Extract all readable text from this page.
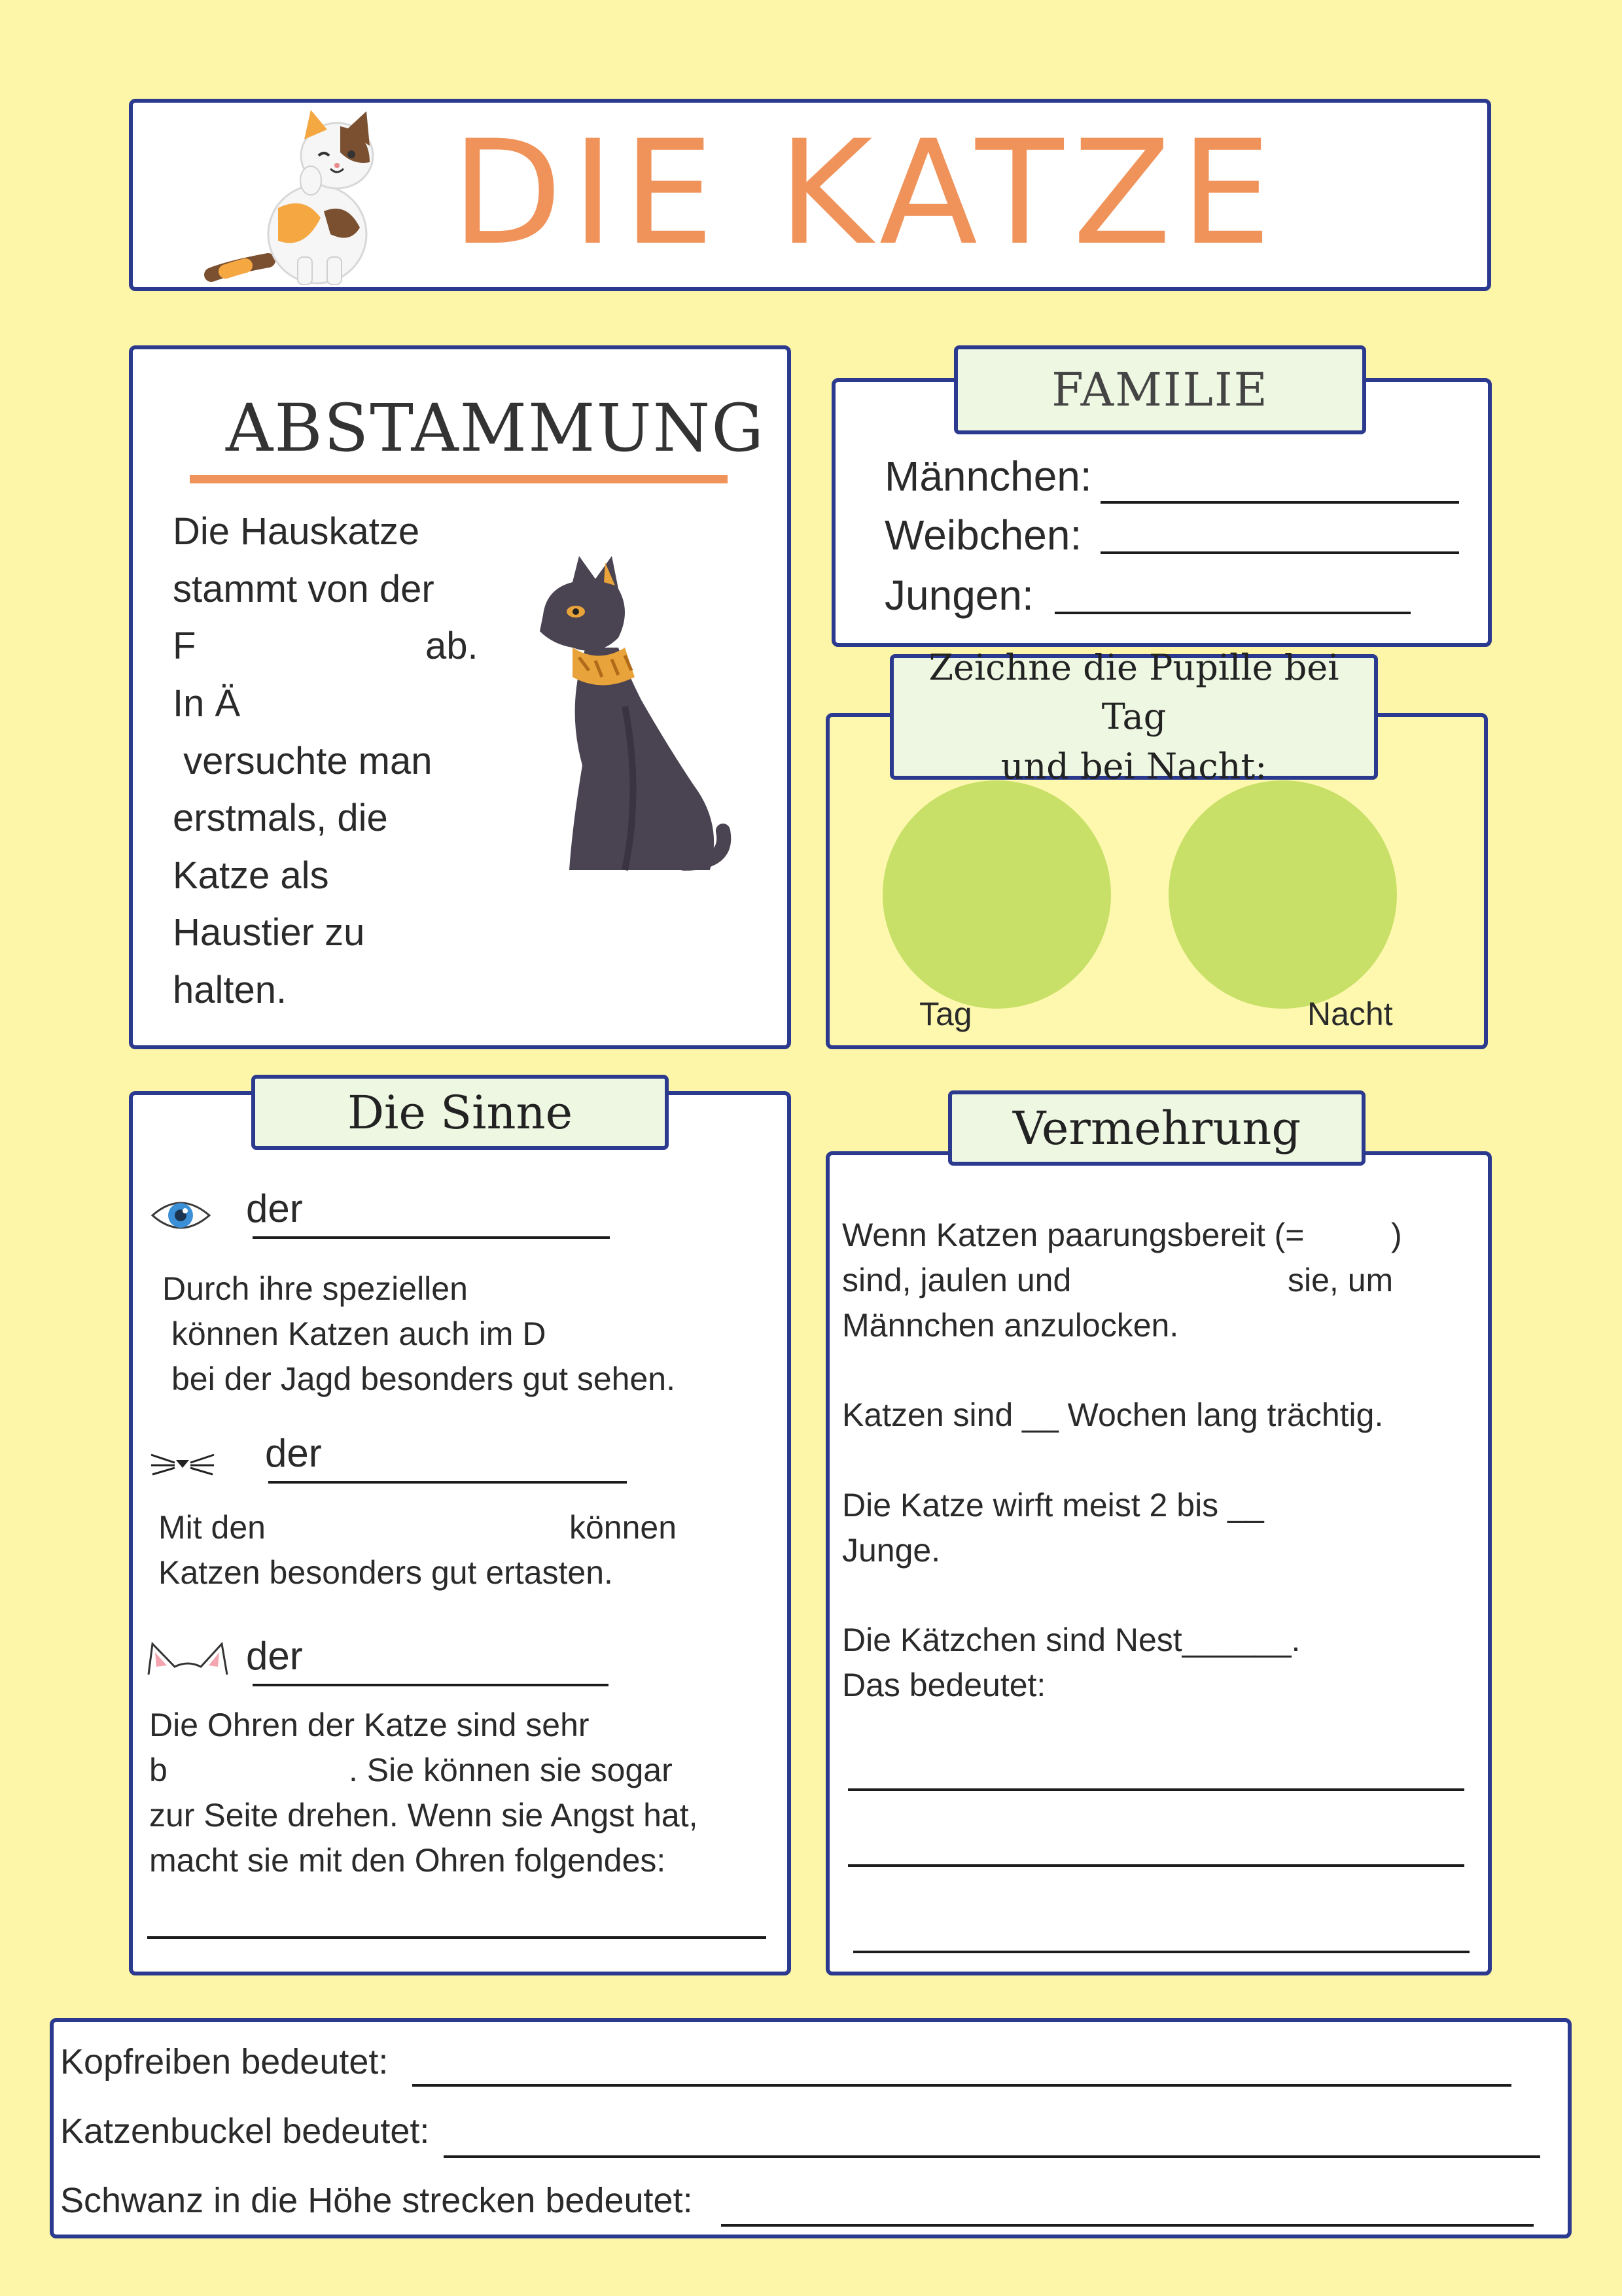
DIE KATZE
ABSTAMMUNG
Die Hauskatze
stammt von der
F	ab.
In Ä
versuchte man
erstmals, die
Katze als
Haustier zu
halten.
FAMILIE
Männchen:
Weibchen:
Jungen:
Zeichne die Pupille bei Tag
und bei Nacht:
Tag	Nacht
Die Sinne
der
Durch ihre speziellen
können Katzen auch im D
bei der Jagd besonders gut sehen.
der
Mit den	können
Katzen besonders gut ertasten.
der
Die Ohren der Katze sind sehr
b	. Sie können sie sogar
zur Seite drehen. Wenn sie Angst hat,
macht sie mit den Ohren folgendes:
Vermehrung
Wenn Katzen paarungsbereit (=	)
sind, jaulen und	sie, um
Männchen anzulocken.
Katzen sind __ Wochen lang trächtig.
Die Katze wirft meist 2 bis __
Junge.
Die Kätzchen sind Nest______.
Das bedeutet:
Kopfreiben bedeutet:
Katzenbuckel bedeutet:
Schwanz in die Höhe strecken bedeutet:
